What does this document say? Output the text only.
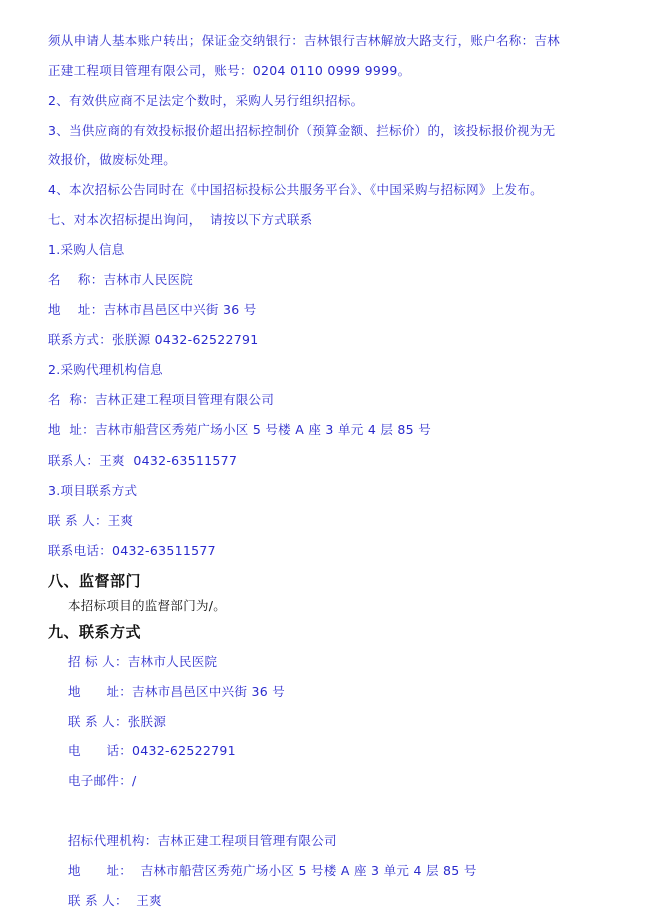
须从申请人基本账户转出；保证金交纳银行：吉林银行吉林解放大路支行，账户名称：吉林
正建工程项目管理有限公司，账号：0204 0110 0999 9999。
2、有效供应商不足法定个数时，采购人另行组织招标。
3、当供应商的有效投标报价超出招标控制价（预算金额、拦标价）的，该投标报价视为无
效报价，做废标处理。
4、本次招标公告同时在《中国招标投标公共服务平台》、《中国采购与招标网》上发布。
七、对本次招标提出询问，  请按以下方式联系
1.采购人信息
名    称：吉林市人民医院
地    址：吉林市昌邑区中兴街 36 号
联系方式：张朕源 0432-62522791
2.采购代理机构信息
名  称：吉林正建工程项目管理有限公司
地  址：吉林市船营区秀苑广场小区 5 号楼 A 座 3 单元 4 层 85 号
联系人：王爽  0432-63511577
3.项目联系方式
联 系 人：王爽
联系电话：0432-63511577
八、监督部门
本招标项目的监督部门为/。
九、联系方式
招 标 人：吉林市人民医院
地      址：吉林市昌邑区中兴街 36 号
联 系 人：张朕源
电      话：0432-62522791
电子邮件：/
招标代理机构：吉林正建工程项目管理有限公司
地      址：  吉林市船营区秀苑广场小区 5 号楼 A 座 3 单元 4 层 85 号
联 系 人：  王爽
